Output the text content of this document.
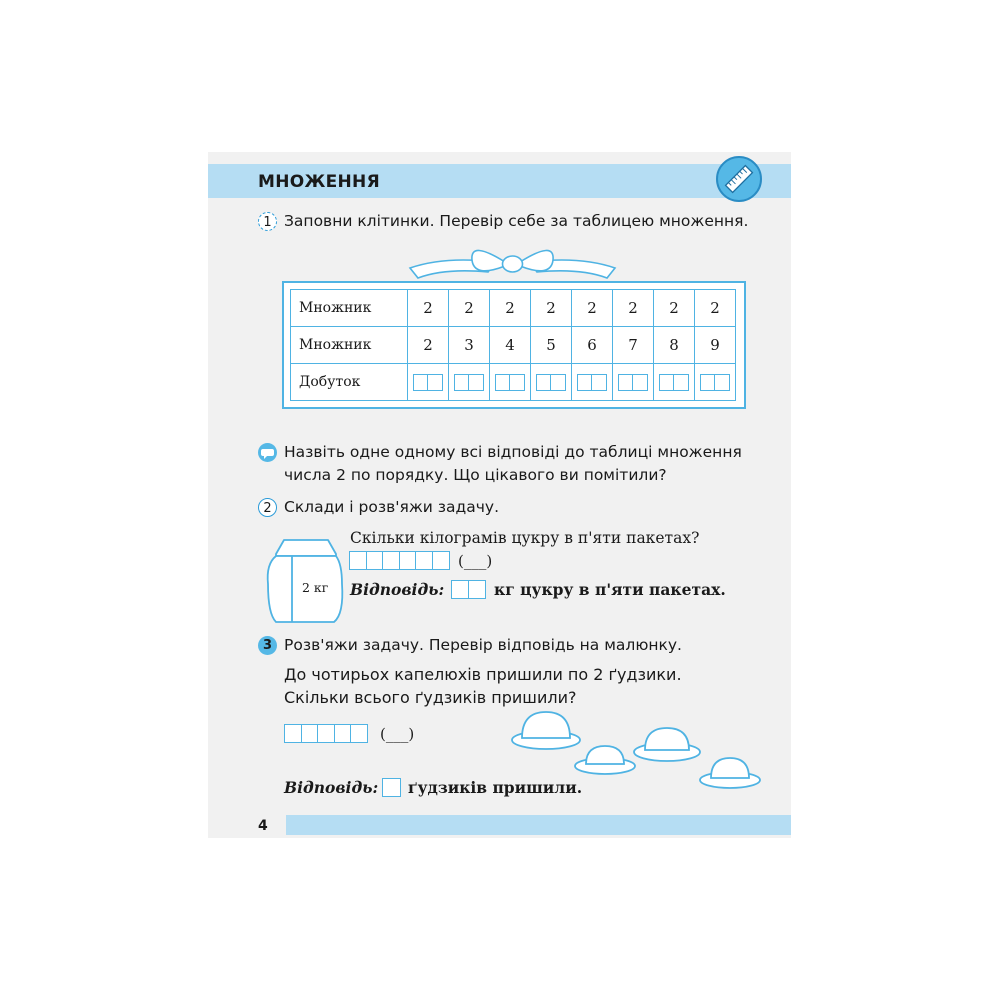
МНОЖЕННЯ
1 Заповни клітинки. Перевір себе за таблицею множення.
Множник	2	2	2	2	2	2	2	2
Множник	2	3	4	5	6	7	8	9
Добуток	

Назвіть одне одному всі відповіді до таблиці множення
числа 2 по порядку. Що цікавого ви помітили?
2 Склади і розв'яжи задачу.
2 кг
Скільки кілограмів цукру в п'яти пакетах?
(___)
Відповідь:	кг цукру в п'яти пакетах.
3 Розв'яжи задачу. Перевір відповідь на малюнку.
До чотирьох капелюхів пришили по 2 ґудзики.
Скільки всього ґудзиків пришили?
(___)
Відповідь: ґудзиків пришили.
4
